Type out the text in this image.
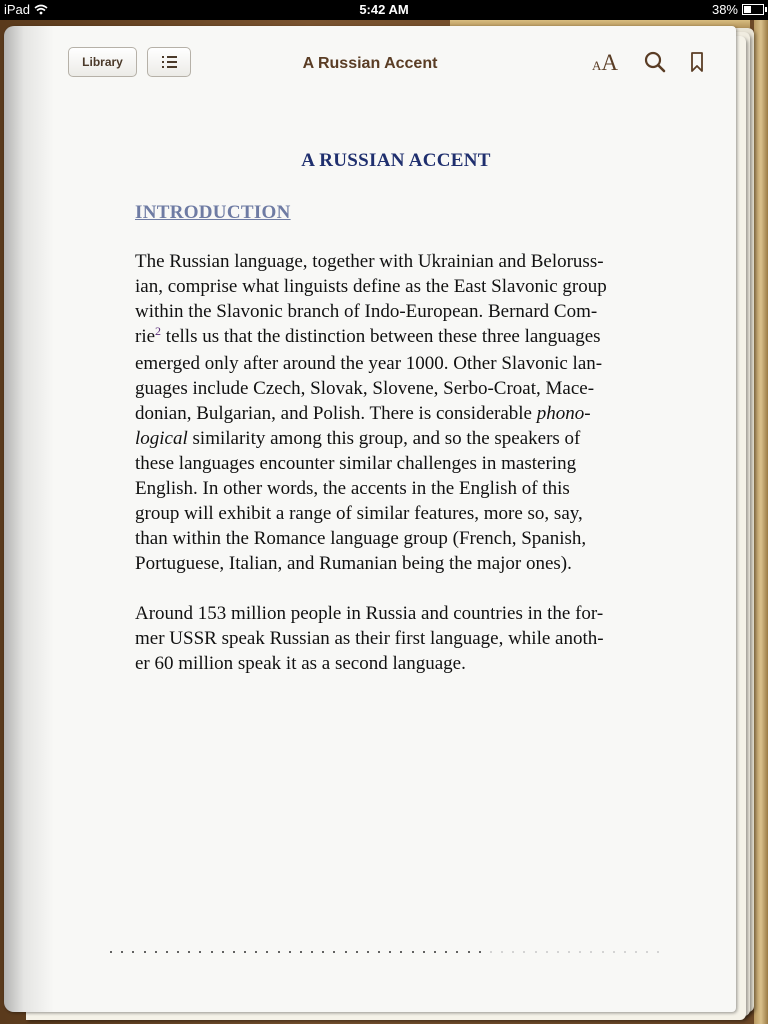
iPad	5:42 AM	38%
Library	A Russian Accent	AA
A RUSSIAN ACCENT
INTRODUCTION
The Russian language, together with Ukrainian and Beloruss-
ian, comprise what linguists define as the East Slavonic group
within the Slavonic branch of Indo-European. Bernard Com-
rie$^2$ tells us that the distinction between these three languages
emerged only after around the year 1000. Other Slavonic lan-
guages include Czech, Slovak, Slovene, Serbo-Croat, Mace-
donian, Bulgarian, and Polish. There is considerable phono-
logical similarity among this group, and so the speakers of
these languages encounter similar challenges in mastering
English. In other words, the accents in the English of this
group will exhibit a range of similar features, more so, say,
than within the Romance language group (French, Spanish,
Portuguese, Italian, and Rumanian being the major ones).
Around 153 million people in Russia and countries in the for-
mer USSR speak Russian as their first language, while anoth-
er 60 million speak it as a second language.
